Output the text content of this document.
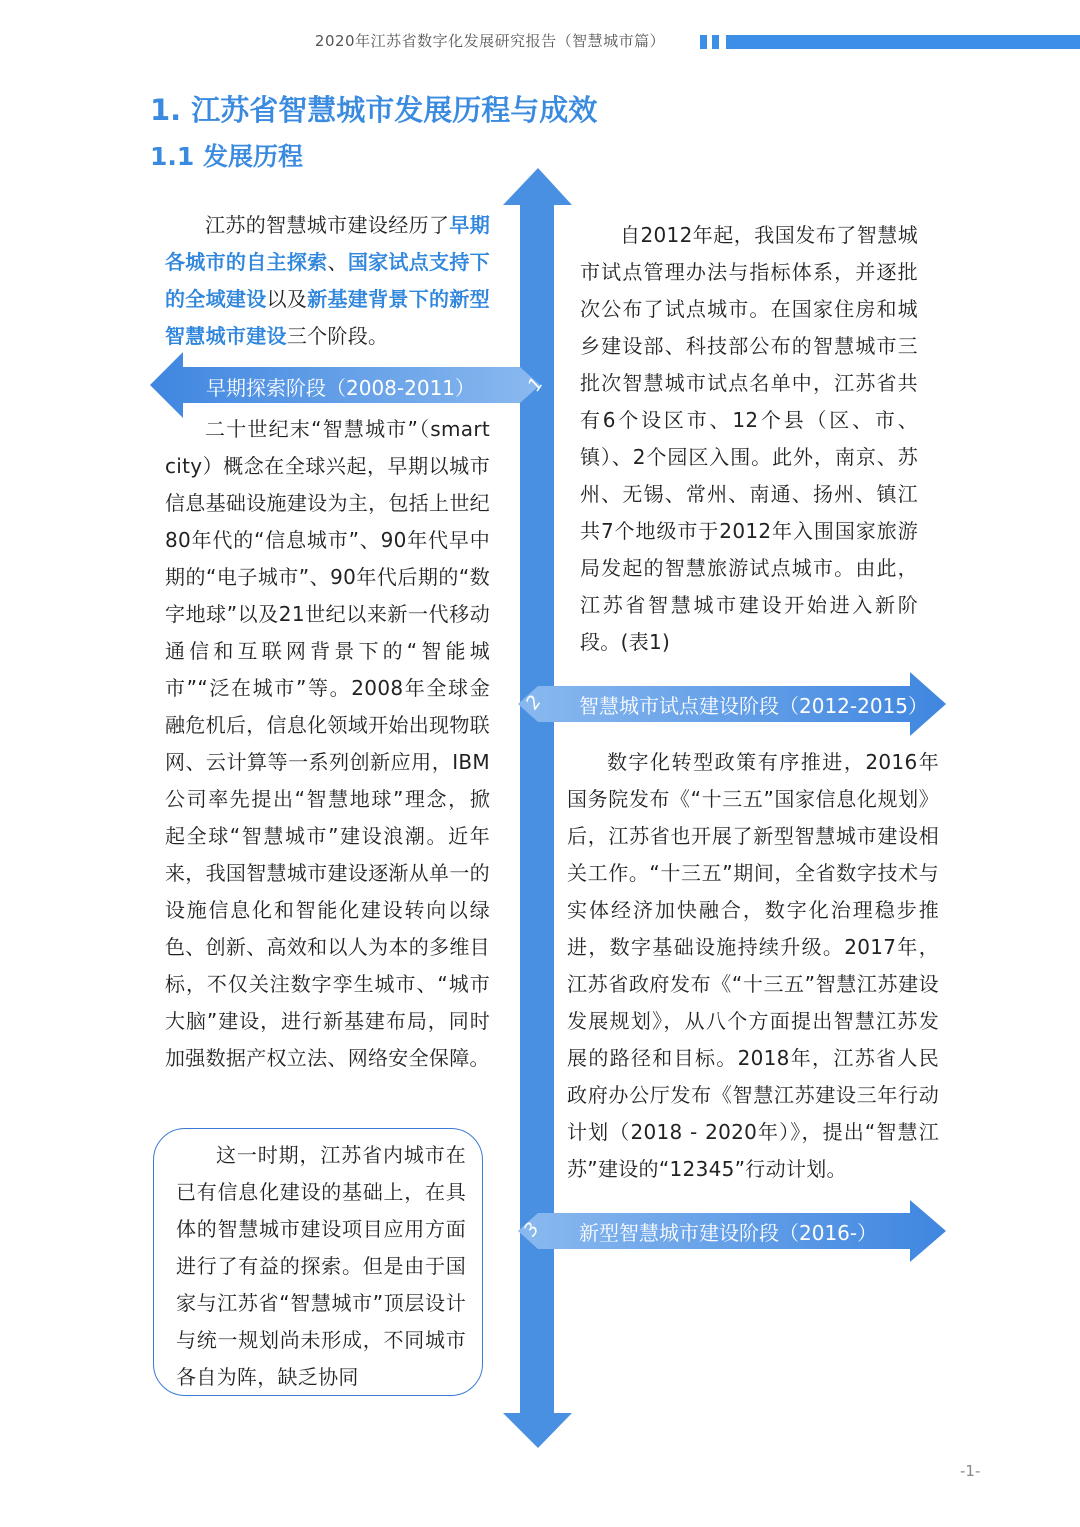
2020年江苏省数字化发展研究报告（智慧城市篇）
1. 江苏省智慧城市发展历程与成效
1.1 发展历程
早期探索阶段（2008-2011）	1
智慧城市试点建设阶段（2012-2015）
2
新型智慧城市建设阶段（2016-）
3

江苏的智慧城市建设经历了早期各城市的自主探索、国家试点支持下的全域建设以及新基建背景下的新型智慧城市建设三个阶段。

二十世纪末“智慧城市”（smart city）概念在全球兴起，早期以城市信息基础设施建设为主，包括上世纪80年代的“信息城市”、90年代早中期的“电子城市”、90年代后期的“数字地球”以及21世纪以来新一代移动通信和互联网背景下的“智能城市”“泛在城市”等。2008年全球金融危机后，信息化领域开始出现物联网、云计算等一系列创新应用，IBM公司率先提出“智慧地球”理念，掀起全球“智慧城市”建设浪潮。近年来，我国智慧城市建设逐渐从单一的设施信息化和智能化建设转向以绿色、创新、高效和以人为本的多维目标，不仅关注数字孪生城市、“城市大脑”建设，进行新基建布局，同时加强数据产权立法、网络安全保障。

这一时期，江苏省内城市在已有信息化建设的基础上，在具体的智慧城市建设项目应用方面进行了有益的探索。但是由于国家与江苏省“智慧城市”顶层设计与统一规划尚未形成，不同城市各自为阵，缺乏协同

自2012年起，我国发布了智慧城市试点管理办法与指标体系，并逐批次公布了试点城市。在国家住房和城乡建设部、科技部公布的智慧城市三批次智慧城市试点名单中，江苏省共有6个设区市、12个县（区、市、镇）、2个园区入围。此外，南京、苏州、无锡、常州、南通、扬州、镇江共7个地级市于2012年入围国家旅游局发起的智慧旅游试点城市。由此，江苏省智慧城市建设开始进入新阶段。(表1)

数字化转型政策有序推进，2016年国务院发布《“十三五”国家信息化规划》后，江苏省也开展了新型智慧城市建设相关工作。“十三五”期间，全省数字技术与实体经济加快融合，数字化治理稳步推进，数字基础设施持续升级。2017年，江苏省政府发布《“十三五”智慧江苏建设发展规划》，从八个方面提出智慧江苏发展的路径和目标。2018年，江苏省人民政府办公厅发布《智慧江苏建设三年行动计划（2018 - 2020年）》，提出“智慧江苏”建设的“12345”行动计划。

-1-
